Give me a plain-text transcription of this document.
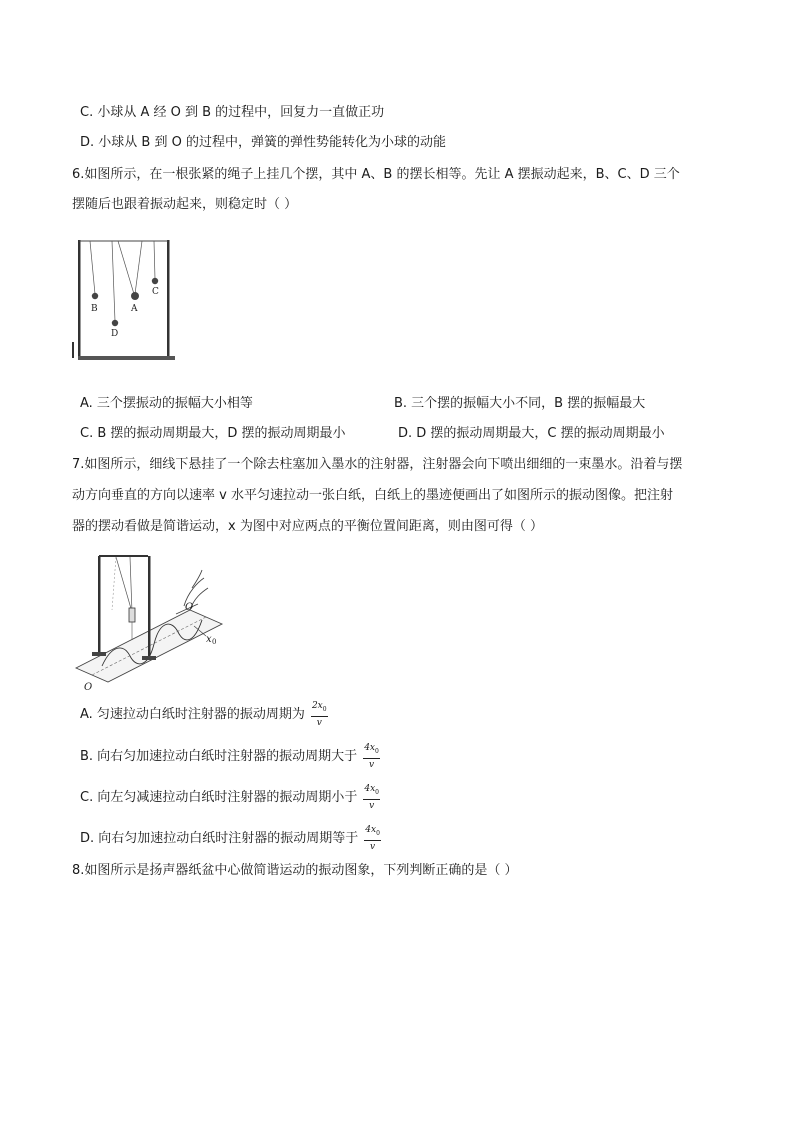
C. 小球从 A 经 O 到 B 的过程中，回复力一直做正功
D. 小球从 B 到 O 的过程中，弹簧的弹性势能转化为小球的动能
6.如图所示，在一根张紧的绳子上挂几个摆，其中 A、B 的摆长相等。先让 A 摆振动起来，B、C、D 三个
摆随后也跟着振动起来，则稳定时（ ）
B	A
C
D
A. 三个摆振动的振幅大小相等	B. 三个摆的振幅大小不同，B 摆的振幅最大
C. B 摆的振动周期最大，D 摆的振动周期最小	D. D 摆的振动周期最大，C 摆的振动周期最小
7.如图所示，细线下悬挂了一个除去柱塞加入墨水的注射器，注射器会向下喷出细细的一束墨水。沿着与摆
动方向垂直的方向以速率 v 水平匀速拉动一张白纸，白纸上的墨迹便画出了如图所示的振动图像。把注射
器的摆动看做是简谐运动，x 为图中对应两点的平衡位置间距离，则由图可得（ ）
x 0
O
O
A. 匀速拉动白纸时注射器的振动周期为 $\frac{2x_0}{v}$
B. 向右匀加速拉动白纸时注射器的振动周期大于 $\frac{4x_0}{v}$
C. 向左匀减速拉动白纸时注射器的振动周期小于 $\frac{4x_0}{v}$
D. 向右匀加速拉动白纸时注射器的振动周期等于 $\frac{4x_0}{v}$
8.如图所示是扬声器纸盆中心做简谐运动的振动图象，下列判断正确的是（ ）
